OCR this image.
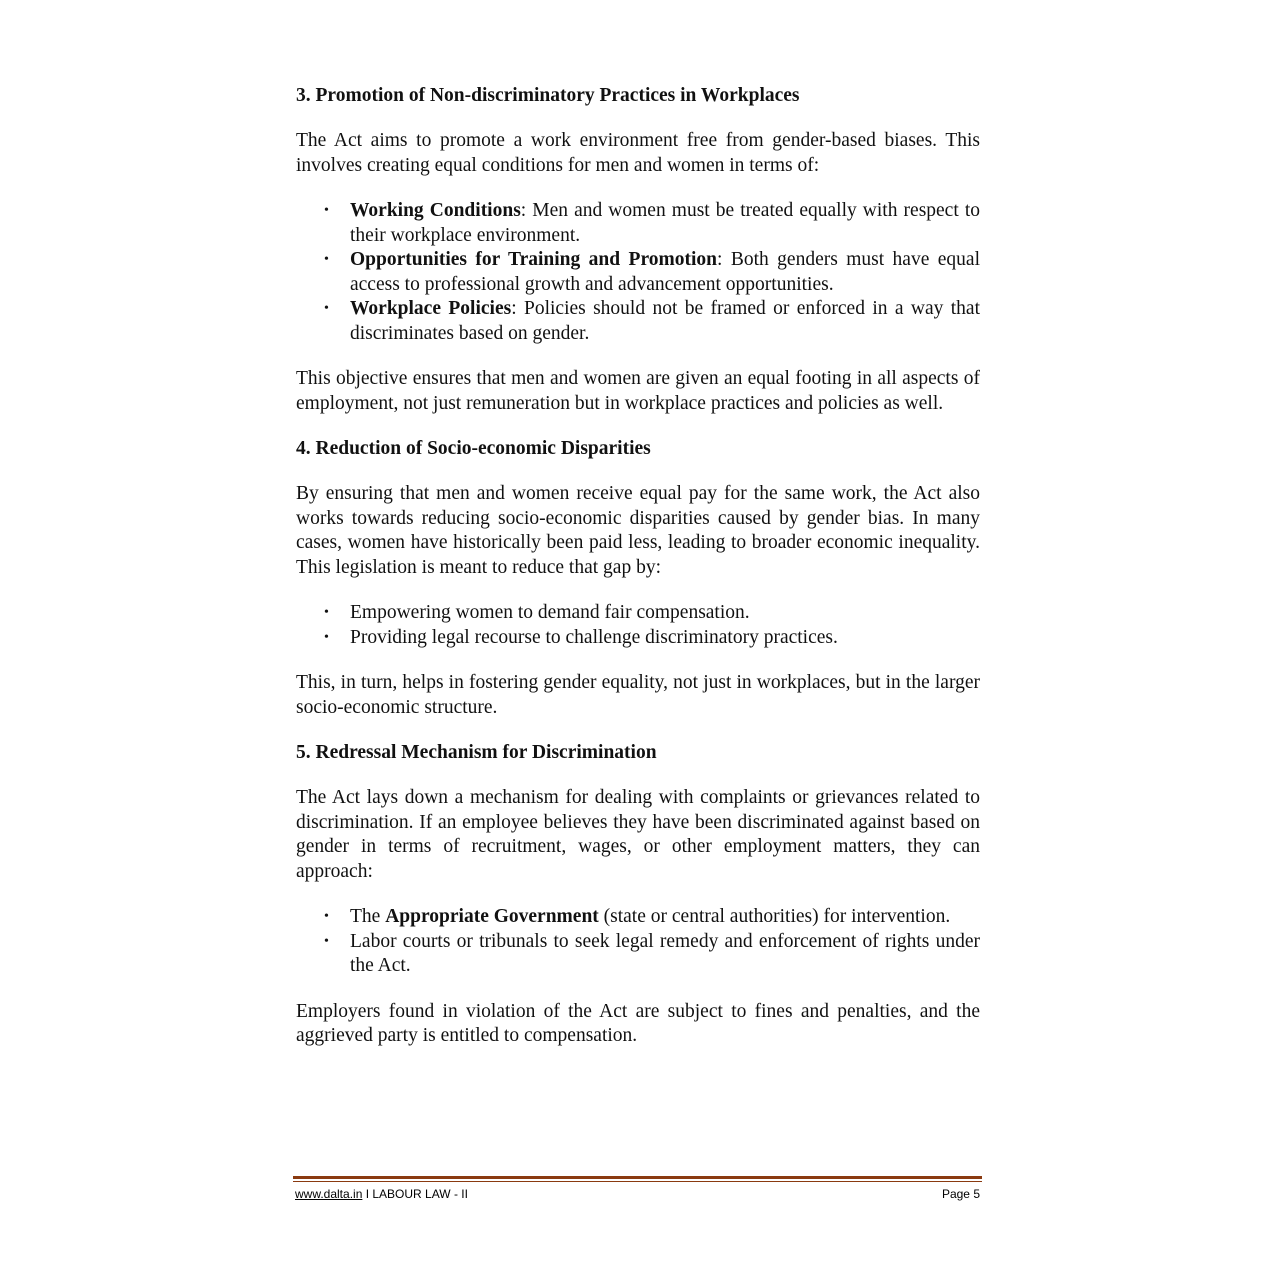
3. Promotion of Non-discriminatory Practices in Workplaces

The Act aims to promote a work environment free from gender-based biases. This involves creating equal conditions for men and women in terms of:

• Working Conditions: Men and women must be treated equally with respect to their workplace environment.
• Opportunities for Training and Promotion: Both genders must have equal access to professional growth and advancement opportunities.
• Workplace Policies: Policies should not be framed or enforced in a way that discriminates based on gender.

This objective ensures that men and women are given an equal footing in all aspects of employment, not just remuneration but in workplace practices and policies as well.

4. Reduction of Socio-economic Disparities

By ensuring that men and women receive equal pay for the same work, the Act also works towards reducing socio-economic disparities caused by gender bias. In many cases, women have historically been paid less, leading to broader economic inequality. This legislation is meant to reduce that gap by:

• Empowering women to demand fair compensation.
• Providing legal recourse to challenge discriminatory practices.

This, in turn, helps in fostering gender equality, not just in workplaces, but in the larger socio-economic structure.

5. Redressal Mechanism for Discrimination

The Act lays down a mechanism for dealing with complaints or grievances related to discrimination. If an employee believes they have been discriminated against based on gender in terms of recruitment, wages, or other employment matters, they can approach:

• The Appropriate Government (state or central authorities) for intervention.
• Labor courts or tribunals to seek legal remedy and enforcement of rights under the Act.

Employers found in violation of the Act are subject to fines and penalties, and the aggrieved party is entitled to compensation.

www.dalta.in I LABOUR LAW - II	Page 5
